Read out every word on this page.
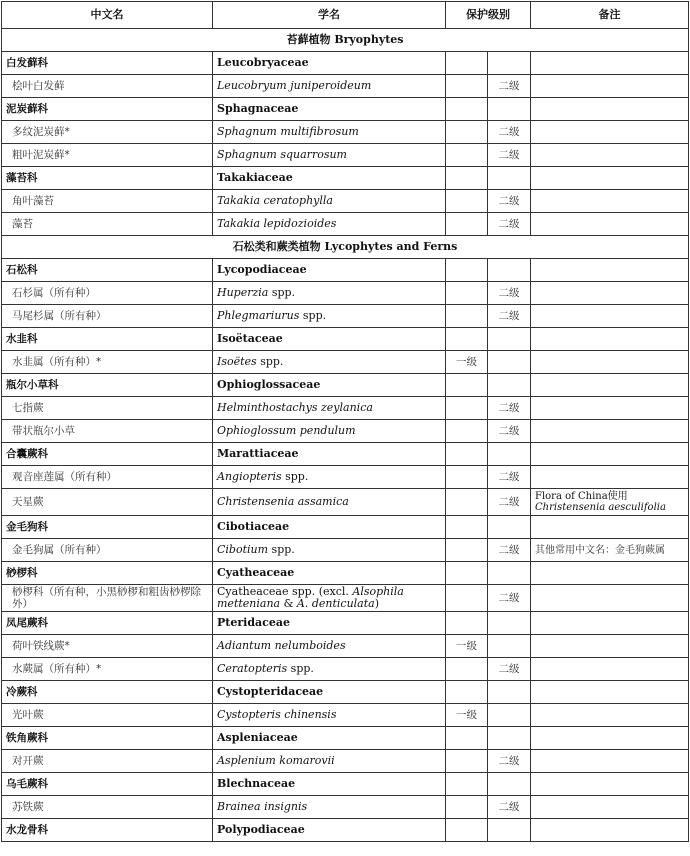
中文名	学名	保护级别		备注
苔藓植物 Bryophytes				
白发藓科	Leucobryaceae			
桧叶白发藓	Leucobryum juniperoideum		二级	
泥炭藓科	Sphagnaceae			
多纹泥炭藓*	Sphagnum multifibrosum		二级	
粗叶泥炭藓*	Sphagnum squarrosum		二级	
藻苔科	Takakiaceae			
角叶藻苔	Takakia ceratophylla		二级	
藻苔	Takakia lepidozioides		二级	
石松类和蕨类植物 Lycophytes and Ferns				
石松科	Lycopodiaceae			
石杉属（所有种）	Huperzia spp.		二级	
马尾杉属（所有种）	Phlegmariurus spp.		二级	
水韭科	Isoëtaceae			
水韭属（所有种）*	Isoëtes spp.	一级		
瓶尔小草科	Ophioglossaceae			
七指蕨	Helminthostachys zeylanica		二级	
带状瓶尔小草	Ophioglossum pendulum		二级	
合囊蕨科	Marattiaceae			
观音座莲属（所有种）	Angiopteris spp.		二级	
天星蕨	Christensenia assamica		二级	Flora of China使用Christensenia aesculifolia
金毛狗科	Cibotiaceae			
金毛狗属（所有种）	Cibotium spp.		二级	其他常用中文名：金毛狗蕨属
桫椤科	Cyatheaceae			
桫椤科（所有种，小黑桫椤和粗齿桫椤除外）	Cyatheaceae spp. (excl. Alsophila metteniana & A. denticulata)		二级	
凤尾蕨科	Pteridaceae			
荷叶铁线蕨*	Adiantum nelumboides	一级		
水蕨属（所有种）*	Ceratopteris spp.		二级	
冷蕨科	Cystopteridaceae			
光叶蕨	Cystopteris chinensis	一级		
铁角蕨科	Aspleniaceae			
对开蕨	Asplenium komarovii		二级	
乌毛蕨科	Blechnaceae			
苏铁蕨	Brainea insignis		二级	
水龙骨科	Polypodiaceae			
